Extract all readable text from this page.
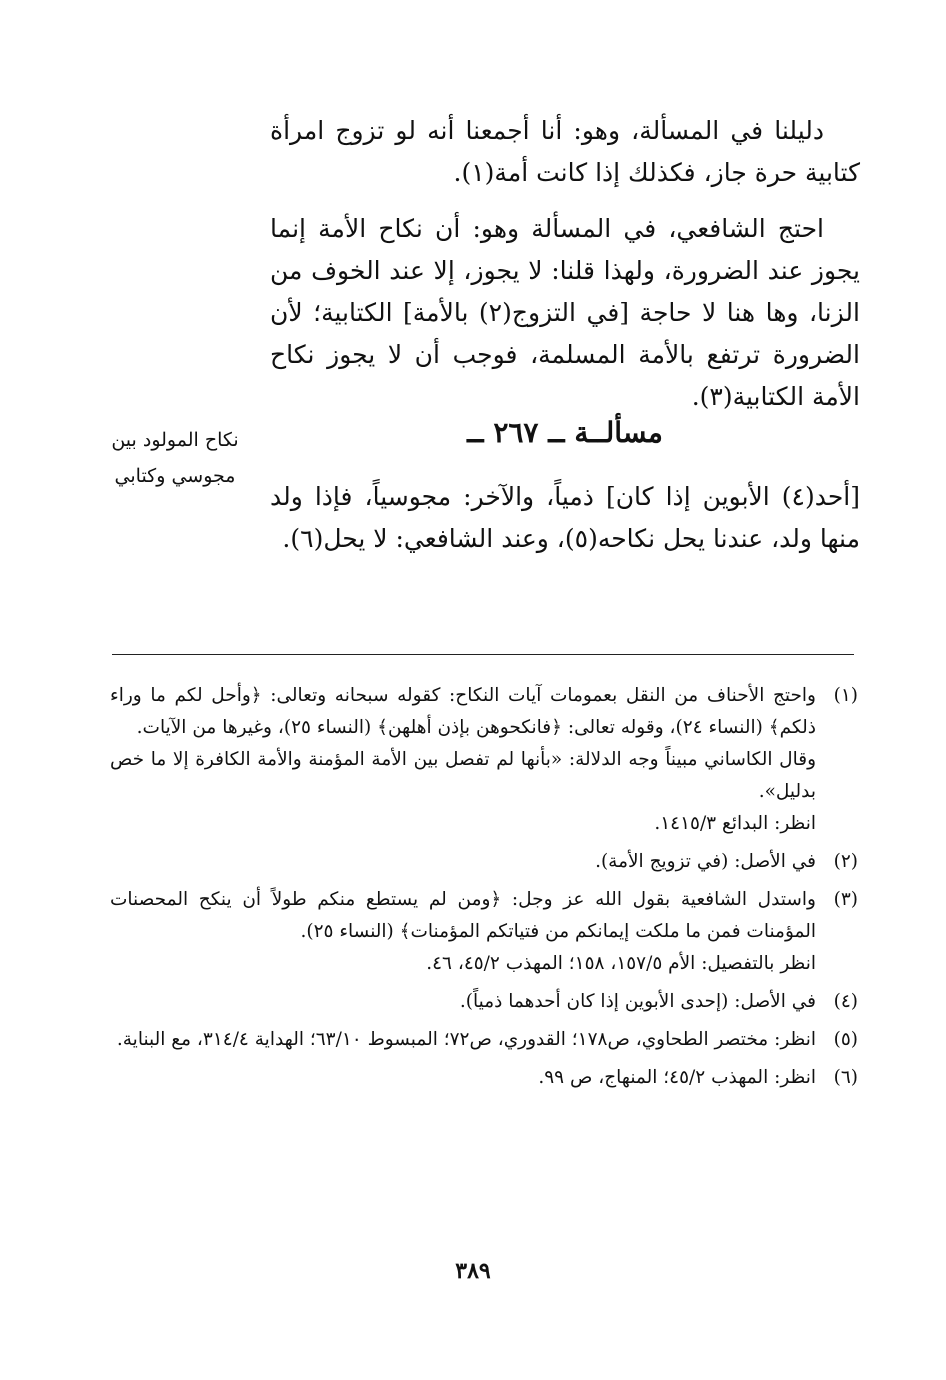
دليلنا في المسألة، وهو: أنا أجمعنا أنه لو تزوج امرأة كتابية حرة جاز، فكذلك إذا كانت أمة(١).

احتج الشافعي، في المسألة وهو: أن نكاح الأمة إنما يجوز عند الضرورة، ولهذا قلنا: لا يجوز، إلا عند الخوف من الزنا، وها هنا لا حاجة [في التزوج(٢) بالأمة] الكتابية؛ لأن الضرورة ترتفع بالأمة المسلمة، فوجب أن لا يجوز نكاح الأمة الكتابية(٣).

مسألــة ــ ٢٦٧ ــ
نكاح المولود بين
مجوسي وكتابي

[أحد(٤) الأبوين إذا كان] ذمياً، والآخر: مجوسياً، فإذا ولد منها ولد، عندنا يحل نكاحه(٥)، وعند الشافعي: لا يحل(٦).

(١)
واحتج الأحناف من النقل بعمومات آيات النكاح: كقوله سبحانه وتعالى: ﴿وأحل لكم ما وراء ذلكم﴾ (النساء ٢٤)، وقوله تعالى: ﴿فانكحوهن بإذن أهلهن﴾ (النساء ٢٥)، وغيرها من الآيات.
وقال الكاساني مبيناً وجه الدلالة: «بأنها لم تفصل بين الأمة المؤمنة والأمة الكافرة إلا ما خص بدليل».
انظر: البدائع ١٤١٥/٣.
(٢)
في الأصل: (في تزويج الأمة).
(٣)
واستدل الشافعية بقول الله عز وجل: ﴿ومن لم يستطع منكم طولاً أن ينكح المحصنات المؤمنات فمن ما ملكت إيمانكم من فتياتكم المؤمنات﴾ (النساء ٢٥).
انظر بالتفصيل: الأم ١٥٧/٥، ١٥٨؛ المهذب ٤٥/٢، ٤٦.
(٤)
في الأصل: (إحدى الأبوين إذا كان أحدهما ذمياً).
(٥)
انظر: مختصر الطحاوي، ص١٧٨؛ القدوري، ص٧٢؛ المبسوط ٦٣/١٠؛ الهداية ٣١٤/٤، مع البناية.
(٦)
انظر: المهذب ٤٥/٢؛ المنهاج، ص ٩٩.
٣٨٩
